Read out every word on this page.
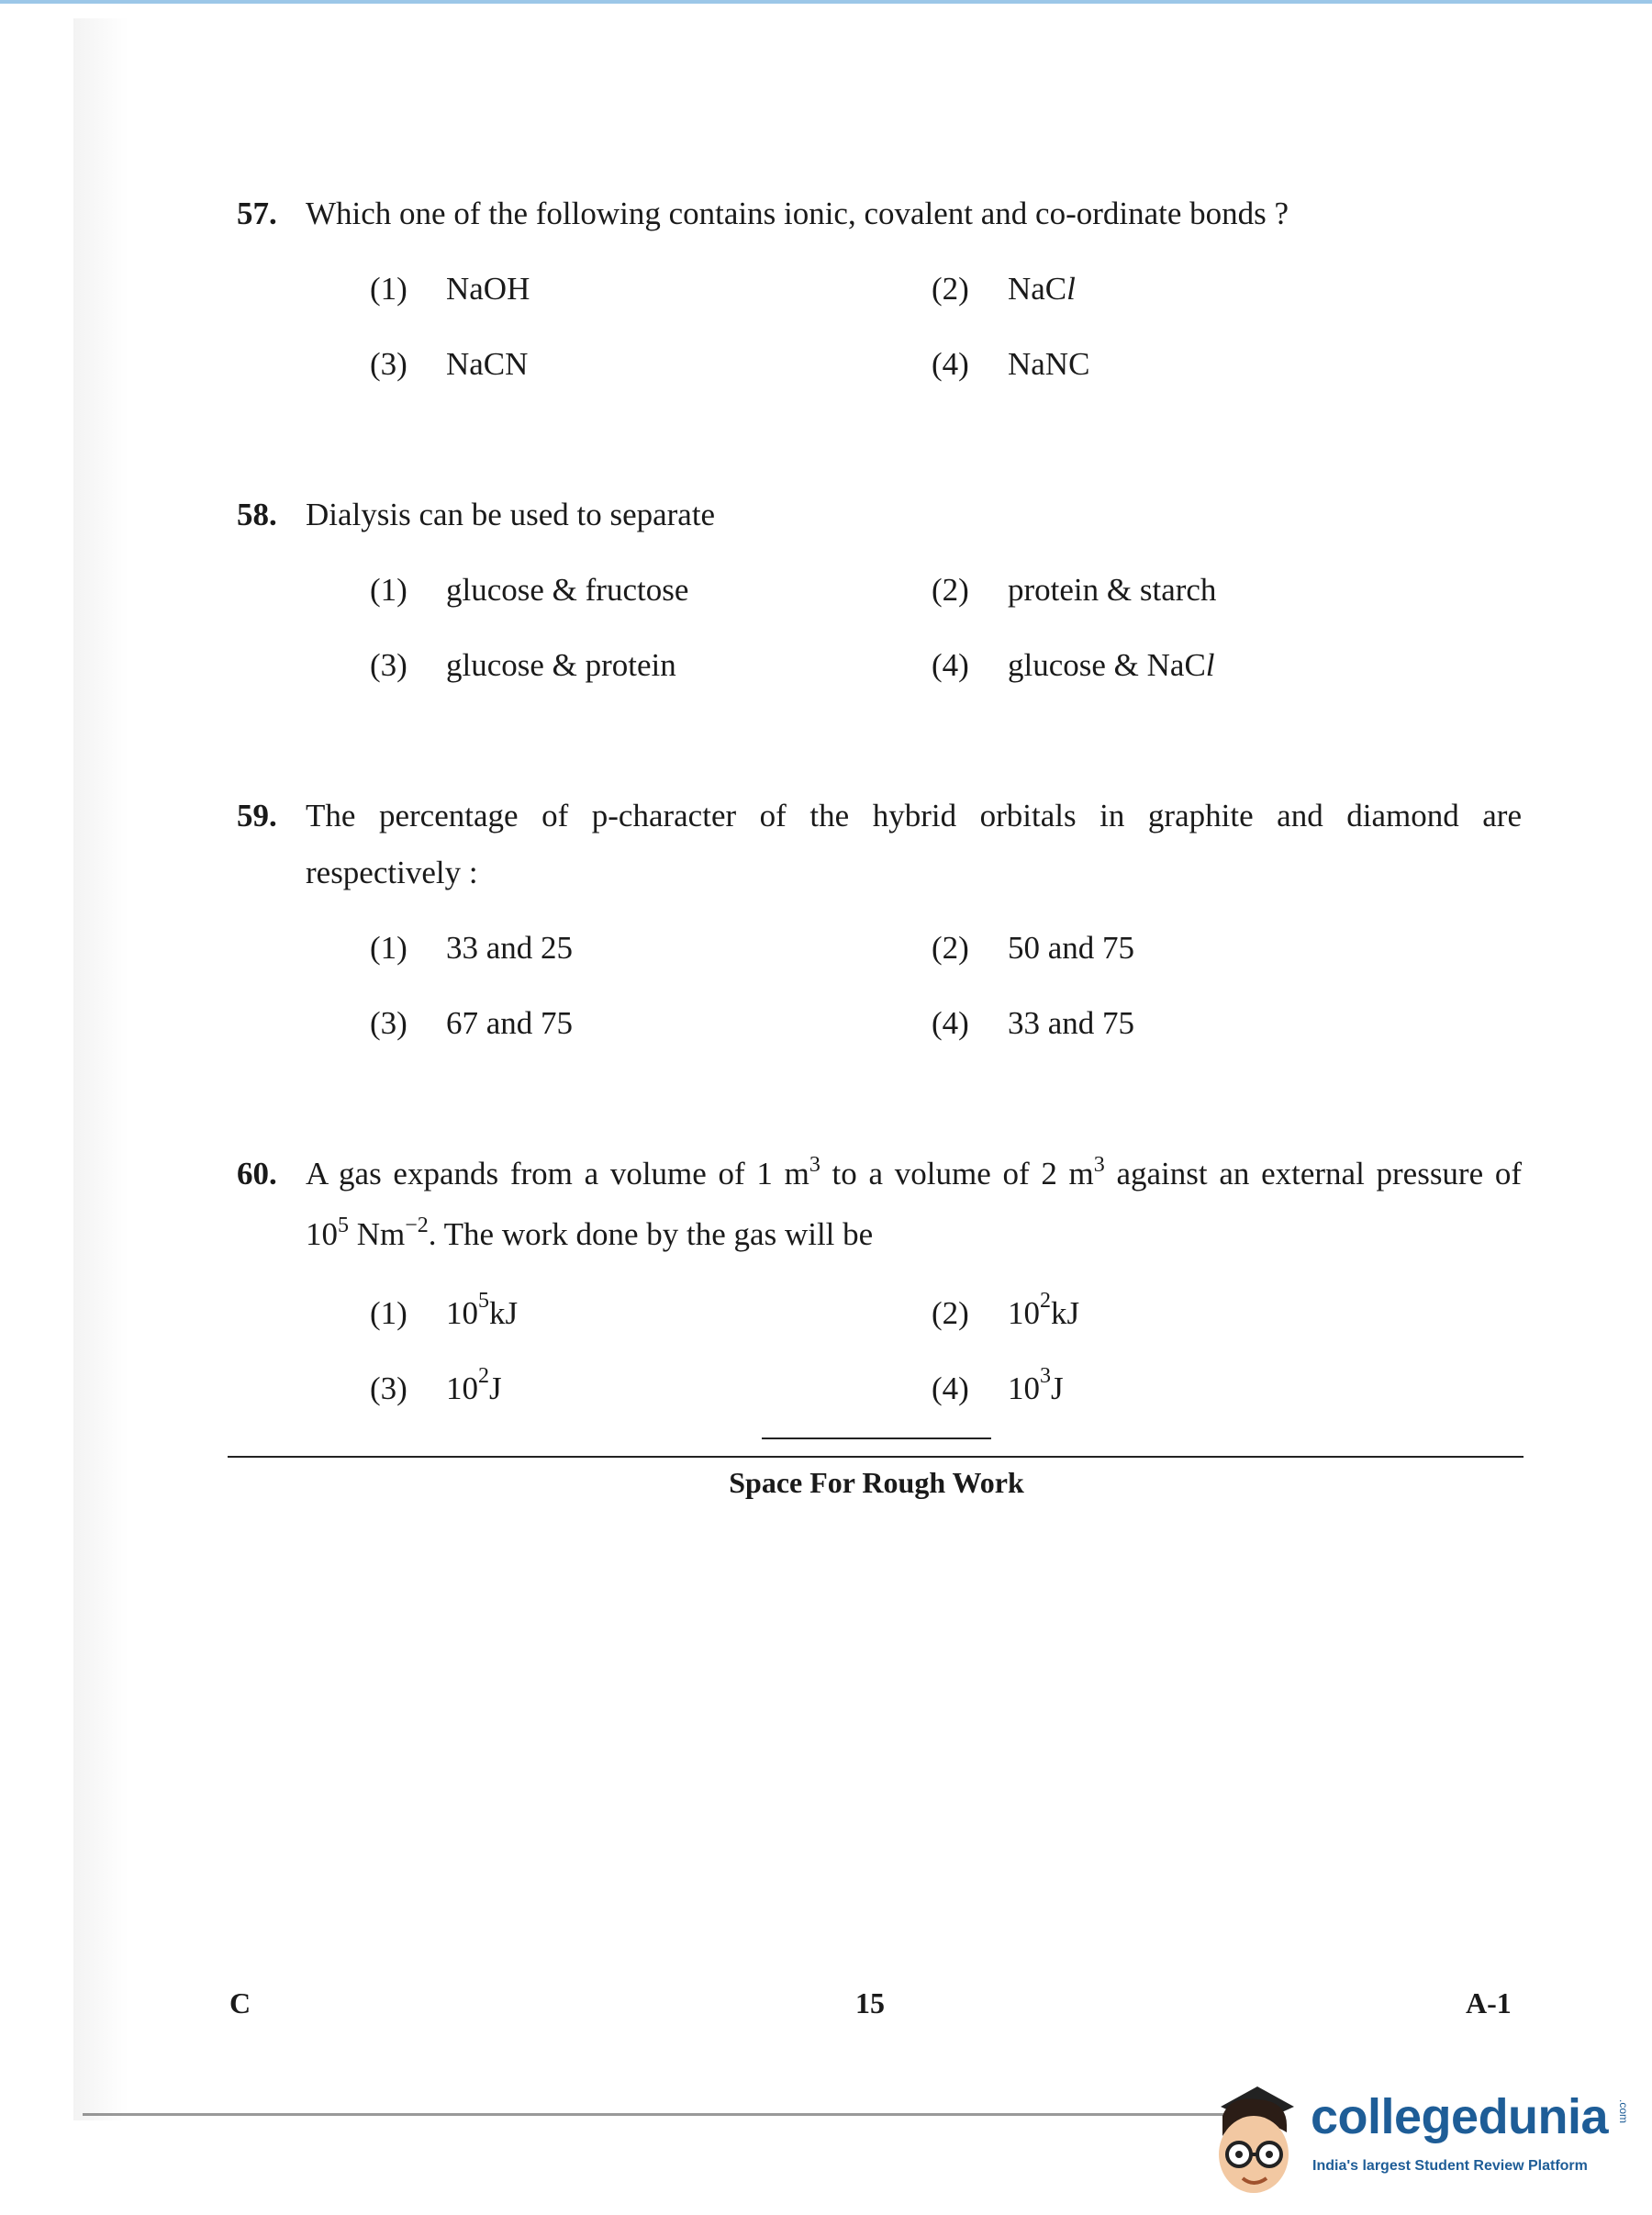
57. Which one of the following contains ionic, covalent and co-ordinate bonds ?
(1)	NaOH	(2)	NaC l
(3)	NaCN	(4)	NaNC
58. Dialysis can be used to separate
(1)	glucose & fructose	(2)	protein & starch
(3)	glucose & protein	(4)	glucose & NaC l
59. The percentage of p-character of the hybrid orbitals in graphite and diamond are
respectively :
(1)	33 and 25	(2)	50 and 75
(3)	67 and 75	(4)	33 and 75
60. A gas expands from a volume of 1 $m^3$ to a volume of 2 $m^3$ against an external pressure of
$10^5$ $Nm^{-2}$. The work done by the gas will be
(1)	10 5 kJ	(2)	10 2 kJ
(3)	10 2 J	(4)	10 3 J
Space For Rough Work
C	15	A-1
collegedunia .com
India's largest Student Review Platform
